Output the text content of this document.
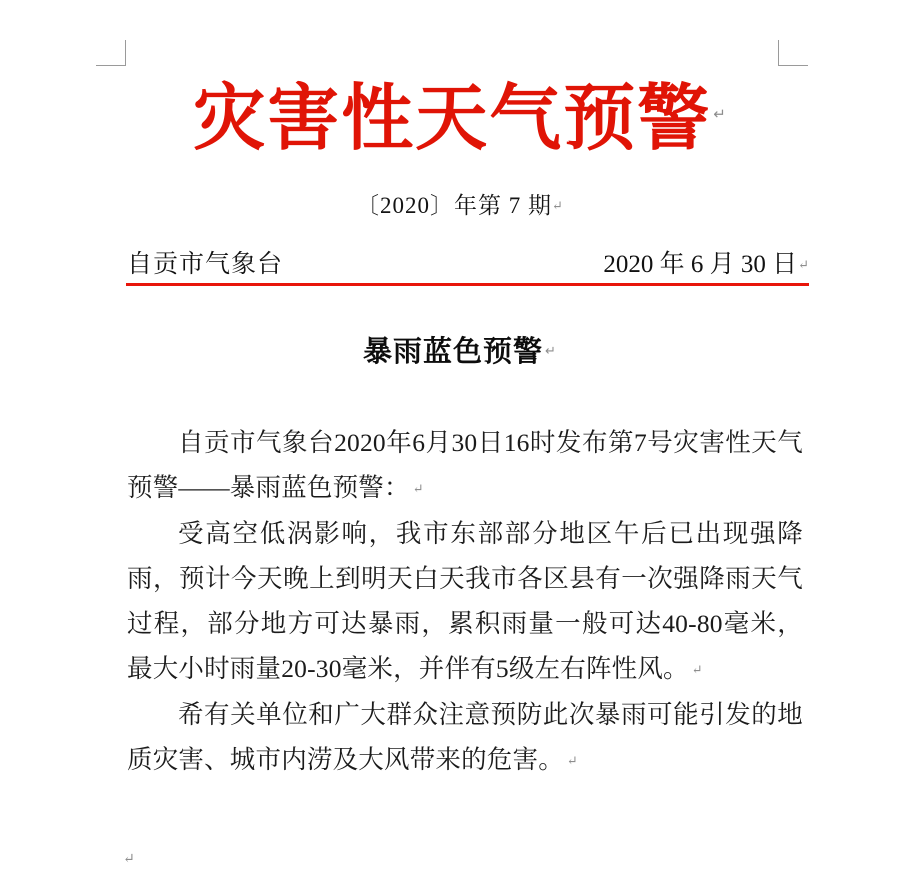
灾害性天气预警 ↵
〔2020〕年第 7 期↵
自贡市气象台	2020 年 6 月 30 日↵
暴雨蓝色预警 ↵

自贡市气象台2020年6月30日16时发布第7号灾害性天气预警——暴雨蓝色预警： ↵

受高空低涡影响，我市东部部分地区午后已出现强降雨，预计今天晚上到明天白天我市各区县有一次强降雨天气过程，部分地方可达暴雨，累积雨量一般可达40-80毫米，最大小时雨量20-30毫米，并伴有5级左右阵性风。 ↵

希有关单位和广大群众注意预防此次暴雨可能引发的地质灾害、城市内涝及大风带来的危害。 ↵

↵
